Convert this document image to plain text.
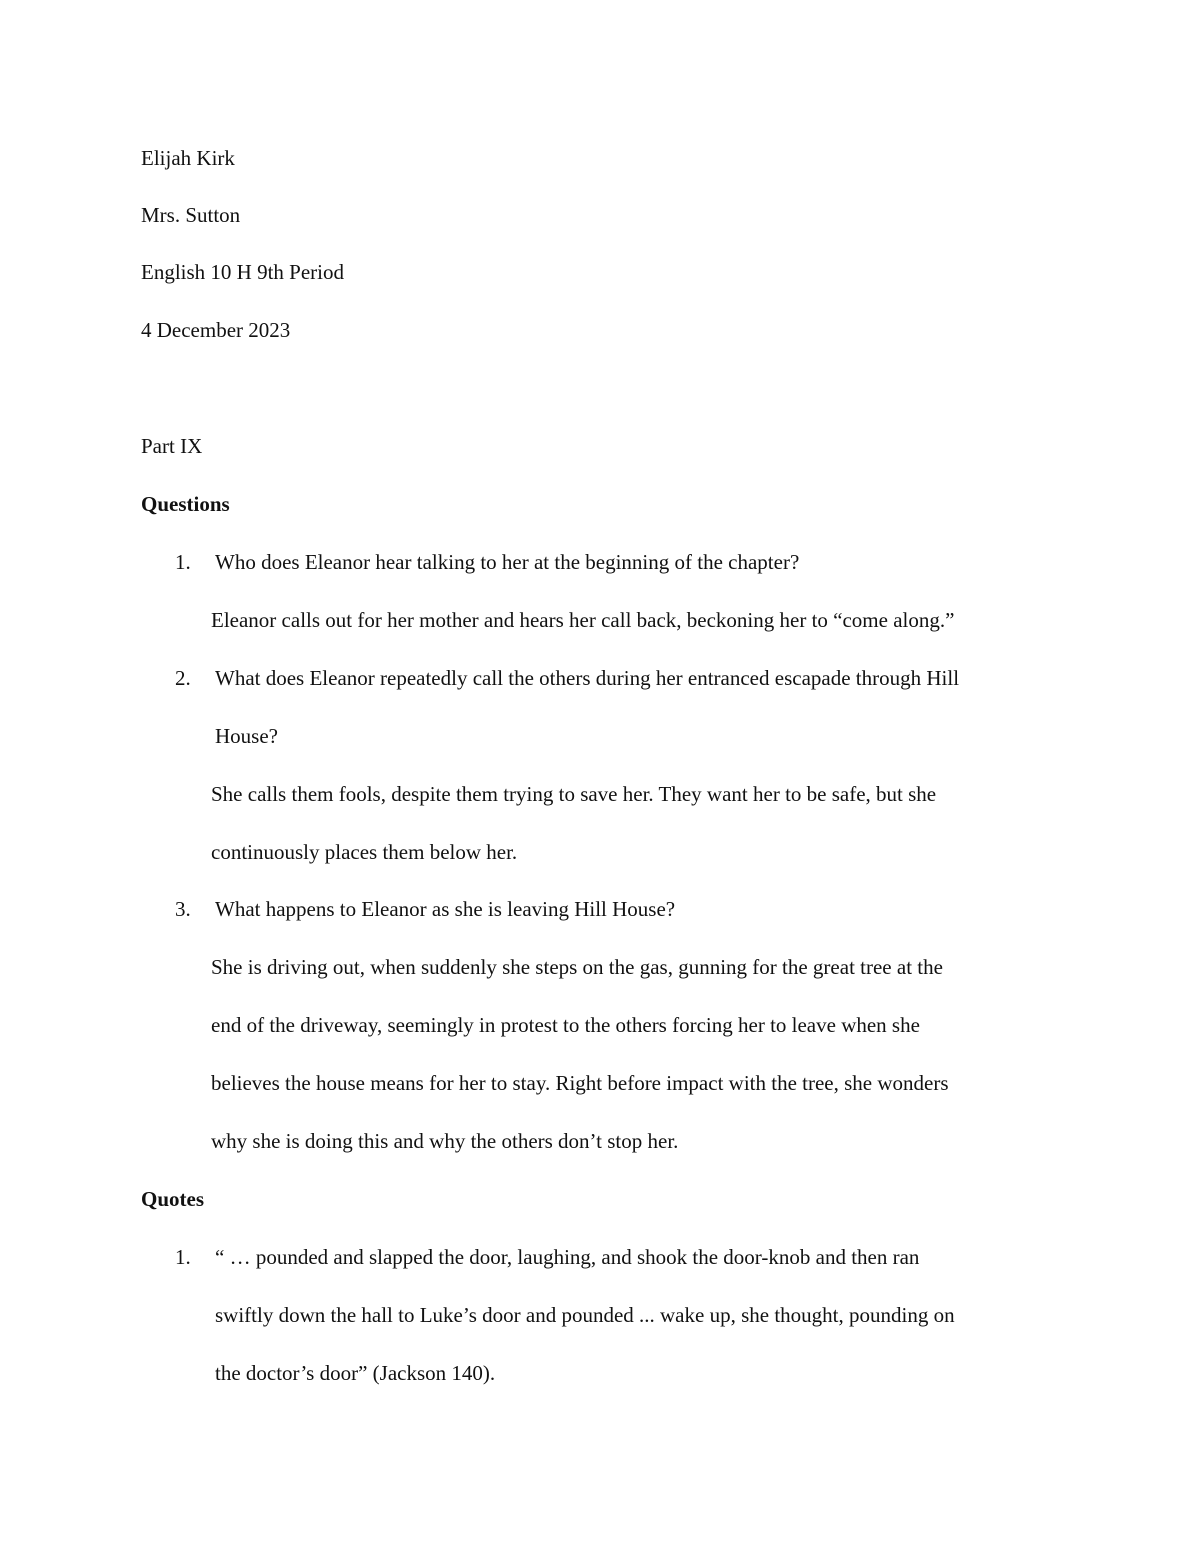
Elijah Kirk

Mrs. Sutton

English 10 H 9th Period

4 December 2023

Part IX

Questions

1. Who does Eleanor hear talking to her at the beginning of the chapter?

Eleanor calls out for her mother and hears her call back, beckoning her to “come along.”

2. What does Eleanor repeatedly call the others during her entranced escapade through Hill

House?

She calls them fools, despite them trying to save her. They want her to be safe, but she

continuously places them below her.

3. What happens to Eleanor as she is leaving Hill House?

She is driving out, when suddenly she steps on the gas, gunning for the great tree at the

end of the driveway, seemingly in protest to the others forcing her to leave when she

believes the house means for her to stay. Right before impact with the tree, she wonders

why she is doing this and why the others don’t stop her.

Quotes

1. “ … pounded and slapped the door, laughing, and shook the door-knob and then ran

swiftly down the hall to Luke’s door and pounded ... wake up, she thought, pounding on

the doctor’s door” (Jackson 140).
